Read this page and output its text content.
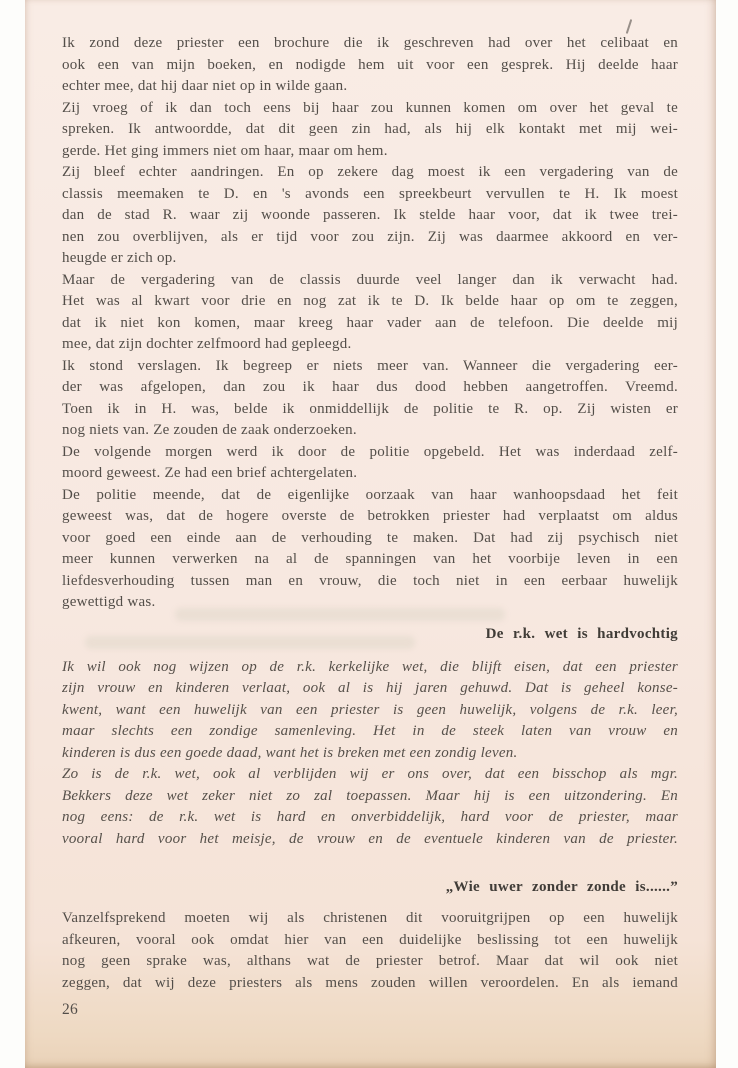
Ik zond deze priester een brochure die ik geschreven had over het celibaat en
ook een van mijn boeken, en nodigde hem uit voor een gesprek. Hij deelde haar
echter mee, dat hij daar niet op in wilde gaan.
Zij vroeg of ik dan toch eens bij haar zou kunnen komen om over het geval te
spreken. Ik antwoordde, dat dit geen zin had, als hij elk kontakt met mij wei-
gerde. Het ging immers niet om haar, maar om hem.
Zij bleef echter aandringen. En op zekere dag moest ik een vergadering van de
classis meemaken te D. en 's avonds een spreekbeurt vervullen te H. Ik moest
dan de stad R. waar zij woonde passeren. Ik stelde haar voor, dat ik twee trei-
nen zou overblijven, als er tijd voor zou zijn. Zij was daarmee akkoord en ver-
heugde er zich op.
Maar de vergadering van de classis duurde veel langer dan ik verwacht had.
Het was al kwart voor drie en nog zat ik te D. Ik belde haar op om te zeggen,
dat ik niet kon komen, maar kreeg haar vader aan de telefoon. Die deelde mij
mee, dat zijn dochter zelfmoord had gepleegd.
Ik stond verslagen. Ik begreep er niets meer van. Wanneer die vergadering eer-
der was afgelopen, dan zou ik haar dus dood hebben aangetroffen. Vreemd.
Toen ik in H. was, belde ik onmiddellijk de politie te R. op. Zij wisten er
nog niets van. Ze zouden de zaak onderzoeken.
De volgende morgen werd ik door de politie opgebeld. Het was inderdaad zelf-
moord geweest. Ze had een brief achtergelaten.
De politie meende, dat de eigenlijke oorzaak van haar wanhoopsdaad het feit
geweest was, dat de hogere overste de betrokken priester had verplaatst om aldus
voor goed een einde aan de verhouding te maken. Dat had zij psychisch niet
meer kunnen verwerken na al de spanningen van het voorbije leven in een
liefdesverhouding tussen man en vrouw, die toch niet in een eerbaar huwelijk
gewettigd was.
De r.k. wet is hardvochtig
Ik wil ook nog wijzen op de r.k. kerkelijke wet, die blijft eisen, dat een priester
zijn vrouw en kinderen verlaat, ook al is hij jaren gehuwd. Dat is geheel konse-
kwent, want een huwelijk van een priester is geen huwelijk, volgens de r.k. leer,
maar slechts een zondige samenleving. Het in de steek laten van vrouw en
kinderen is dus een goede daad, want het is breken met een zondig leven.
Zo is de r.k. wet, ook al verblijden wij er ons over, dat een bisschop als mgr.
Bekkers deze wet zeker niet zo zal toepassen. Maar hij is een uitzondering. En
nog eens: de r.k. wet is hard en onverbiddelijk, hard voor de priester, maar
vooral hard voor het meisje, de vrouw en de eventuele kinderen van de priester.
„Wie uwer zonder zonde is......”
Vanzelfsprekend moeten wij als christenen dit vooruitgrijpen op een huwelijk
afkeuren, vooral ook omdat hier van een duidelijke beslissing tot een huwelijk
nog geen sprake was, althans wat de priester betrof. Maar dat wil ook niet
zeggen, dat wij deze priesters als mens zouden willen veroordelen. En als iemand
26
